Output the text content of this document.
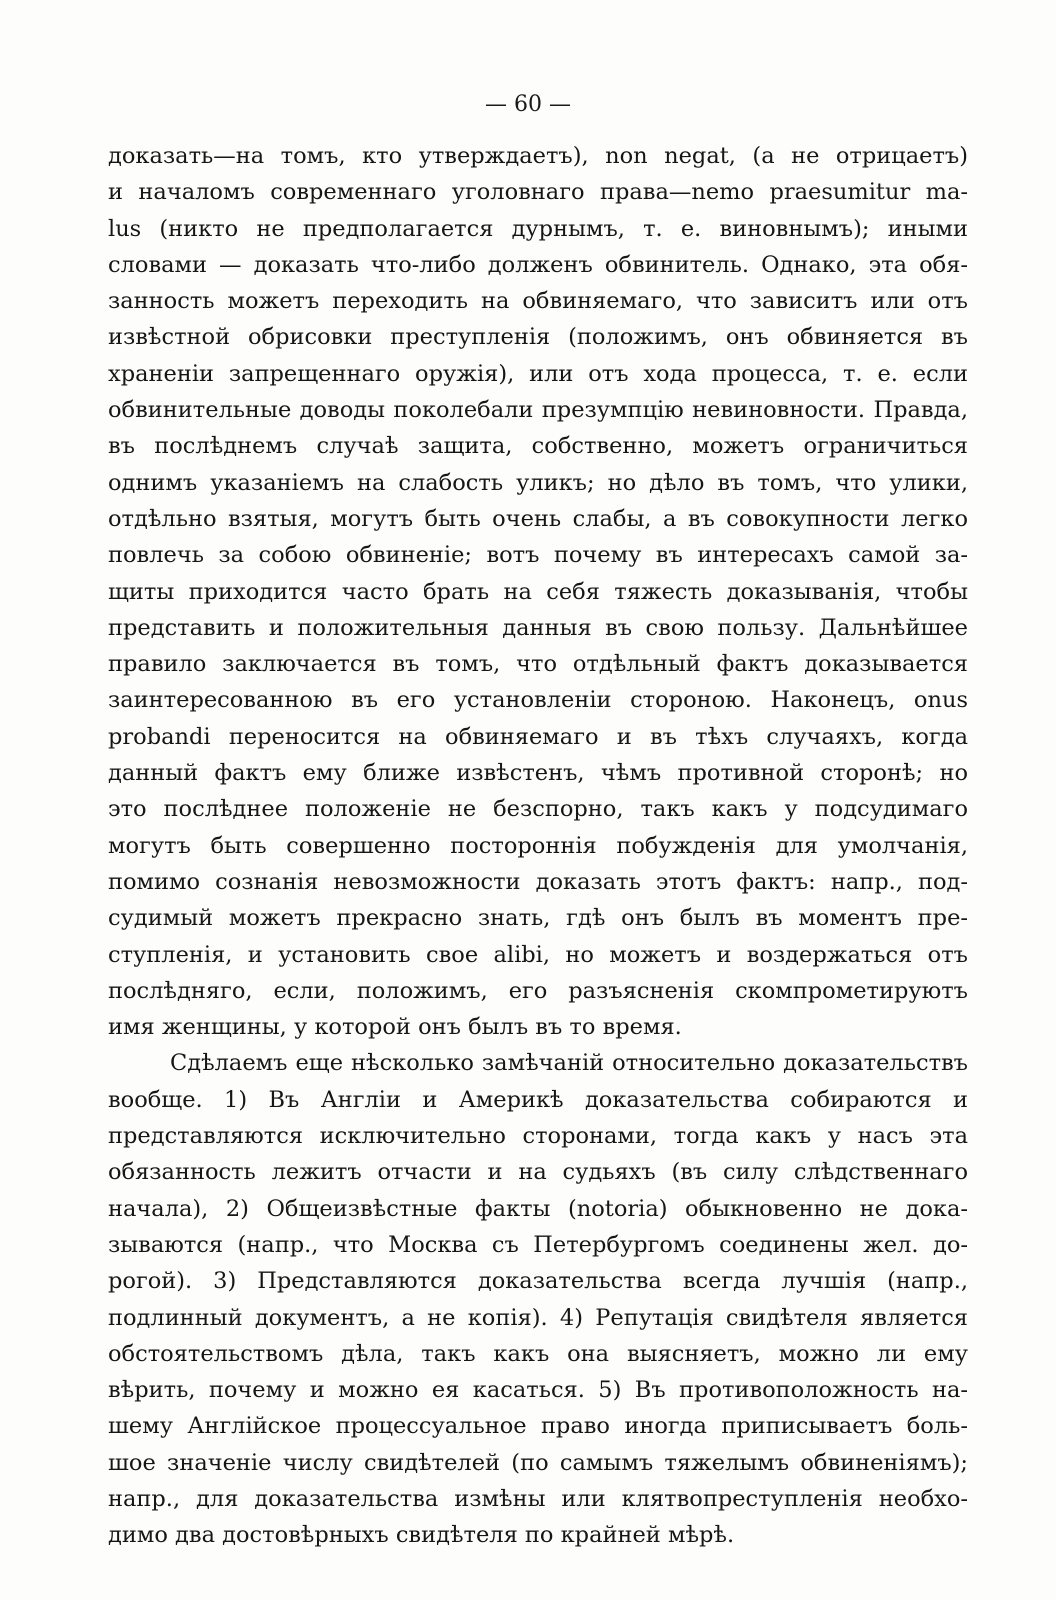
— 60 —
доказать—на томъ, кто утверждаетъ), non negat, (а не отрицаетъ)
и началомъ современнаго уголовнаго права—nemo praesumitur ma-
lus (никто не предполагается дурнымъ, т. е. виновнымъ); иными
словами — доказать что-либо долженъ обвинитель. Однако, эта обя-
занность можетъ переходить на обвиняемаго, что зависитъ или отъ
извѣстной обрисовки преступленія (положимъ, онъ обвиняется въ
храненіи запрещеннаго оружія), или отъ хода процесса, т. е. если
обвинительные доводы поколебали презумпцію невиновности. Правда,
въ послѣднемъ случаѣ защита, собственно, можетъ ограничиться
однимъ указаніемъ на слабость уликъ; но дѣло въ томъ, что улики,
отдѣльно взятыя, могутъ быть очень слабы, а въ совокупности легко
повлечь за собою обвиненіе; вотъ почему въ интересахъ самой за-
щиты приходится часто брать на себя тяжесть доказыванія, чтобы
представить и положительныя данныя въ свою пользу. Дальнѣйшее
правило заключается въ томъ, что отдѣльный фактъ доказывается
заинтересованною въ его установленіи стороною. Наконецъ, onus
probandi переносится на обвиняемаго и въ тѣхъ случаяхъ, когда
данный фактъ ему ближе извѣстенъ, чѣмъ противной сторонѣ; но
это послѣднее положеніе не безспорно, такъ какъ у подсудимаго
могутъ быть совершенно постороннія побужденія для умолчанія,
помимо сознанія невозможности доказать этотъ фактъ: напр., под-
судимый можетъ прекрасно знать, гдѣ онъ былъ въ моментъ пре-
ступленія, и установить свое alibi, но можетъ и воздержаться отъ
послѣдняго, если, положимъ, его разъясненія скомпрометируютъ
имя женщины, у которой онъ былъ въ то время.
Сдѣлаемъ еще нѣсколько замѣчаній относительно доказательствъ
вообще. 1) Въ Англіи и Америкѣ доказательства собираются и
представляются исключительно сторонами, тогда какъ у насъ эта
обязанность лежитъ отчасти и на судьяхъ (въ силу слѣдственнаго
начала), 2) Общеизвѣстные факты (notoria) обыкновенно не дока-
зываются (напр., что Москва съ Петербургомъ соединены жел. до-
рогой). 3) Представляются доказательства всегда лучшія (напр.,
подлинный документъ, а не копія). 4) Репутація свидѣтеля является
обстоятельствомъ дѣла, такъ какъ она выясняетъ, можно ли ему
вѣрить, почему и можно ея касаться. 5) Въ противоположность на-
шему Англійское процессуальное право иногда приписываетъ боль-
шое значеніе числу свидѣтелей (по самымъ тяжелымъ обвиненіямъ);
напр., для доказательства измѣны или клятвопреступленія необхо-
димо два достовѣрныхъ свидѣтеля по крайней мѣрѣ.
